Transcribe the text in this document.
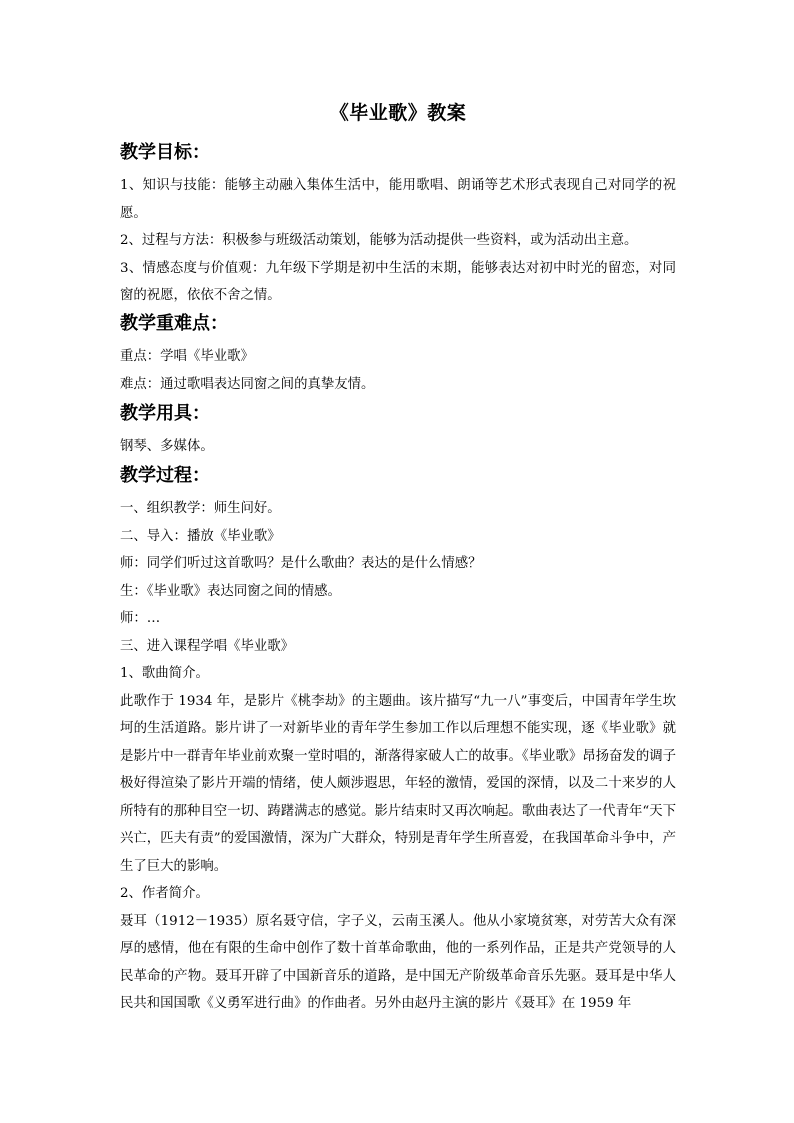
《毕业歌》教案
教学目标：

1、知识与技能：能够主动融入集体生活中，能用歌唱、朗诵等艺术形式表现自己对同学的祝愿。

2、过程与方法：积极参与班级活动策划，能够为活动提供一些资料，或为活动出主意。

3、情感态度与价值观：九年级下学期是初中生活的末期，能够表达对初中时光的留恋，对同窗的祝愿，依依不舍之情。

教学重难点：

重点：学唱《毕业歌》

难点：通过歌唱表达同窗之间的真挚友情。

教学用具：

钢琴、多媒体。

教学过程：

一、组织教学：师生问好。

二、导入：播放《毕业歌》

师：同学们听过这首歌吗？是什么歌曲？表达的是什么情感？

生：《毕业歌》表达同窗之间的情感。

师：…

三、进入课程学唱《毕业歌》

1、歌曲简介。

此歌作于 1934 年，是影片《桃李劫》的主题曲。该片描写“九一八”事变后，中国青年学生坎坷的生活道路。影片讲了一对新毕业的青年学生参加工作以后理想不能实现，逐《毕业歌》就是影片中一群青年毕业前欢聚一堂时唱的，渐落得家破人亡的故事。《毕业歌》昂扬奋发的调子极好得渲染了影片开端的情绪，使人颇涉遐思，年轻的激情，爱国的深情，以及二十来岁的人所特有的那种目空一切、踌躇满志的感觉。影片结束时又再次响起。歌曲表达了一代青年“天下兴亡，匹夫有责”的爱国激情，深为广大群众，特别是青年学生所喜爱，在我国革命斗争中，产生了巨大的影响。

2、作者简介。

聂耳（1912－1935）原名聂守信，字子义，云南玉溪人。他从小家境贫寒，对劳苦大众有深厚的感情，他在有限的生命中创作了数十首革命歌曲，他的一系列作品，正是共产党领导的人民革命的产物。聂耳开辟了中国新音乐的道路，是中国无产阶级革命音乐先驱。聂耳是中华人民共和国国歌《义勇军进行曲》的作曲者。另外由赵丹主演的影片《聂耳》在 1959 年
